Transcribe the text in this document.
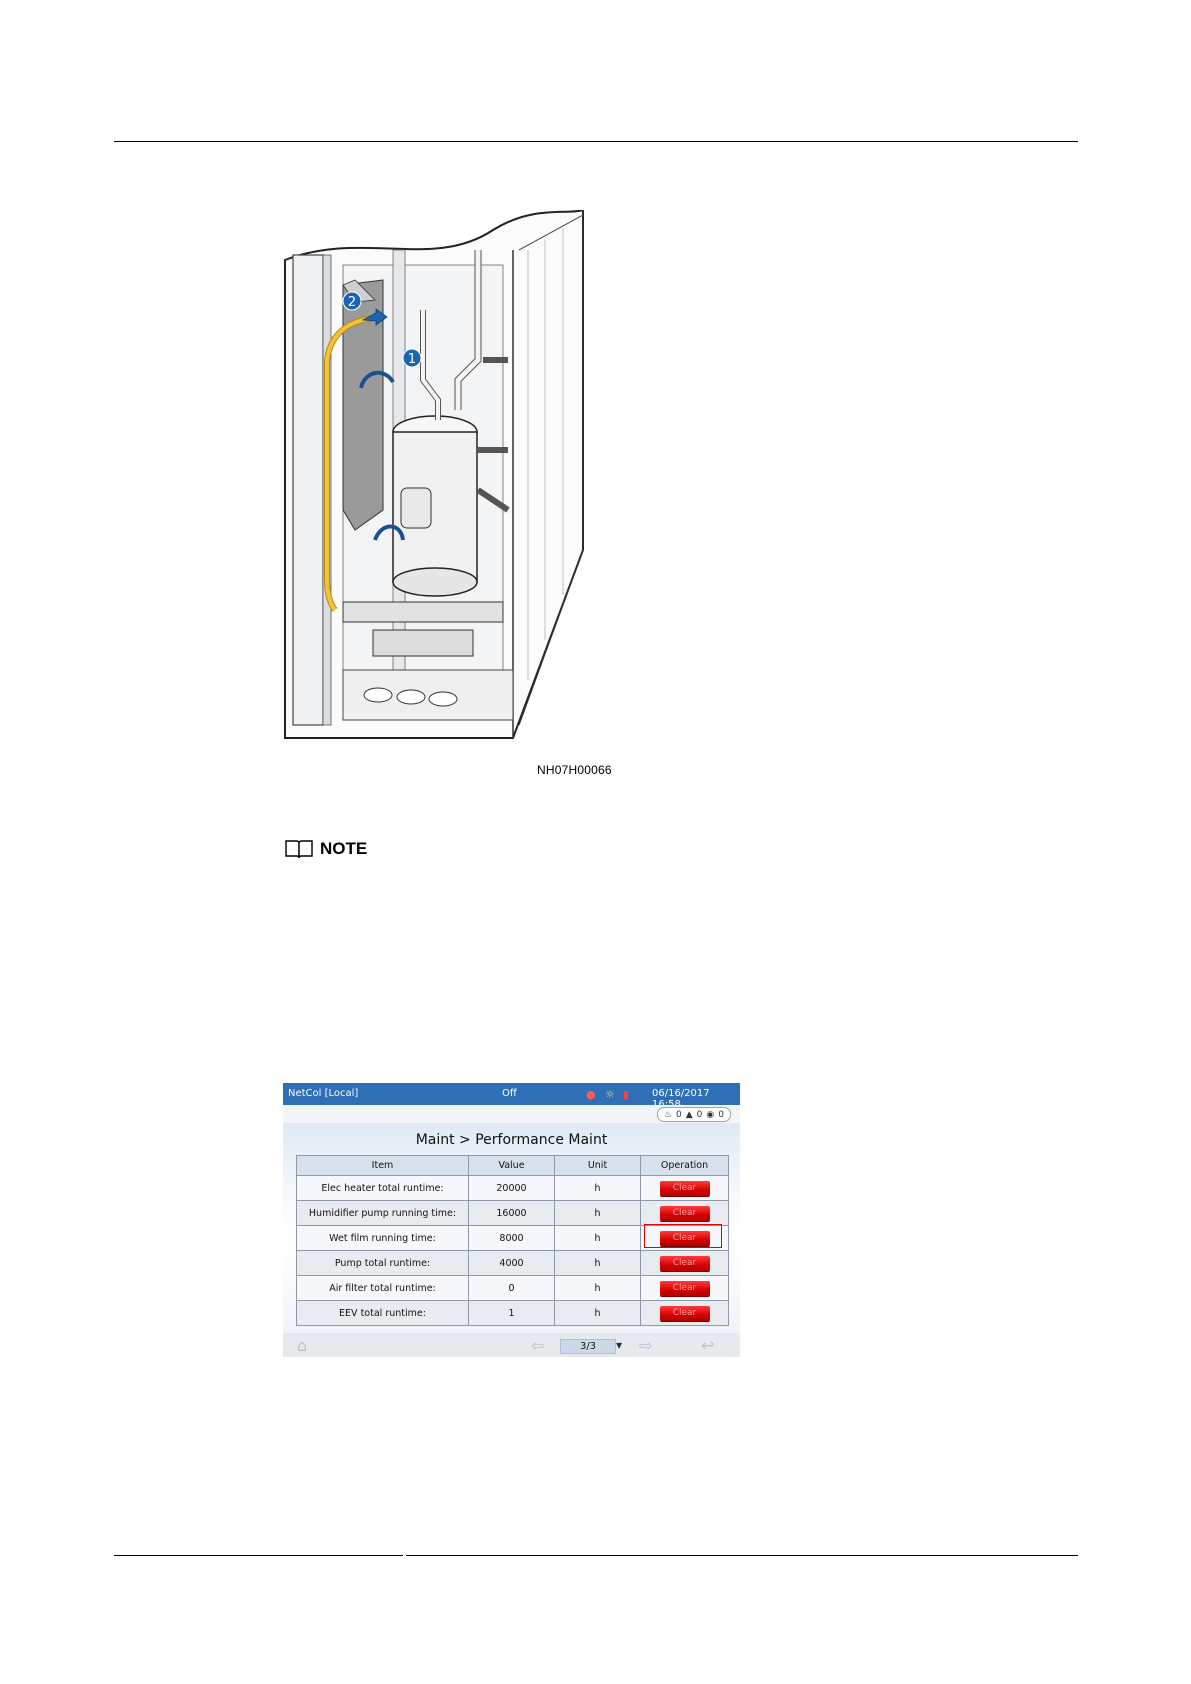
1
2
NH07H00066
NOTE
NetCol [Local]	Off	● ☼ ▮ 06/16/2017
♨ 0 ▲ 0 ◉ 0
Maint > Performance Maint
Item	Value	Unit	Operation
Elec heater total runtime:	20000	h	Clear
Humidifier pump running time:	16000	h	Clear
Wet film running time:	8000	h	Clear
Pump total runtime:	4000	h	Clear
Air filter total runtime:	0	h	Clear
EEV total runtime:	1	h	Clear
⌂	⇦	3/3	▼ ⇨	↩
